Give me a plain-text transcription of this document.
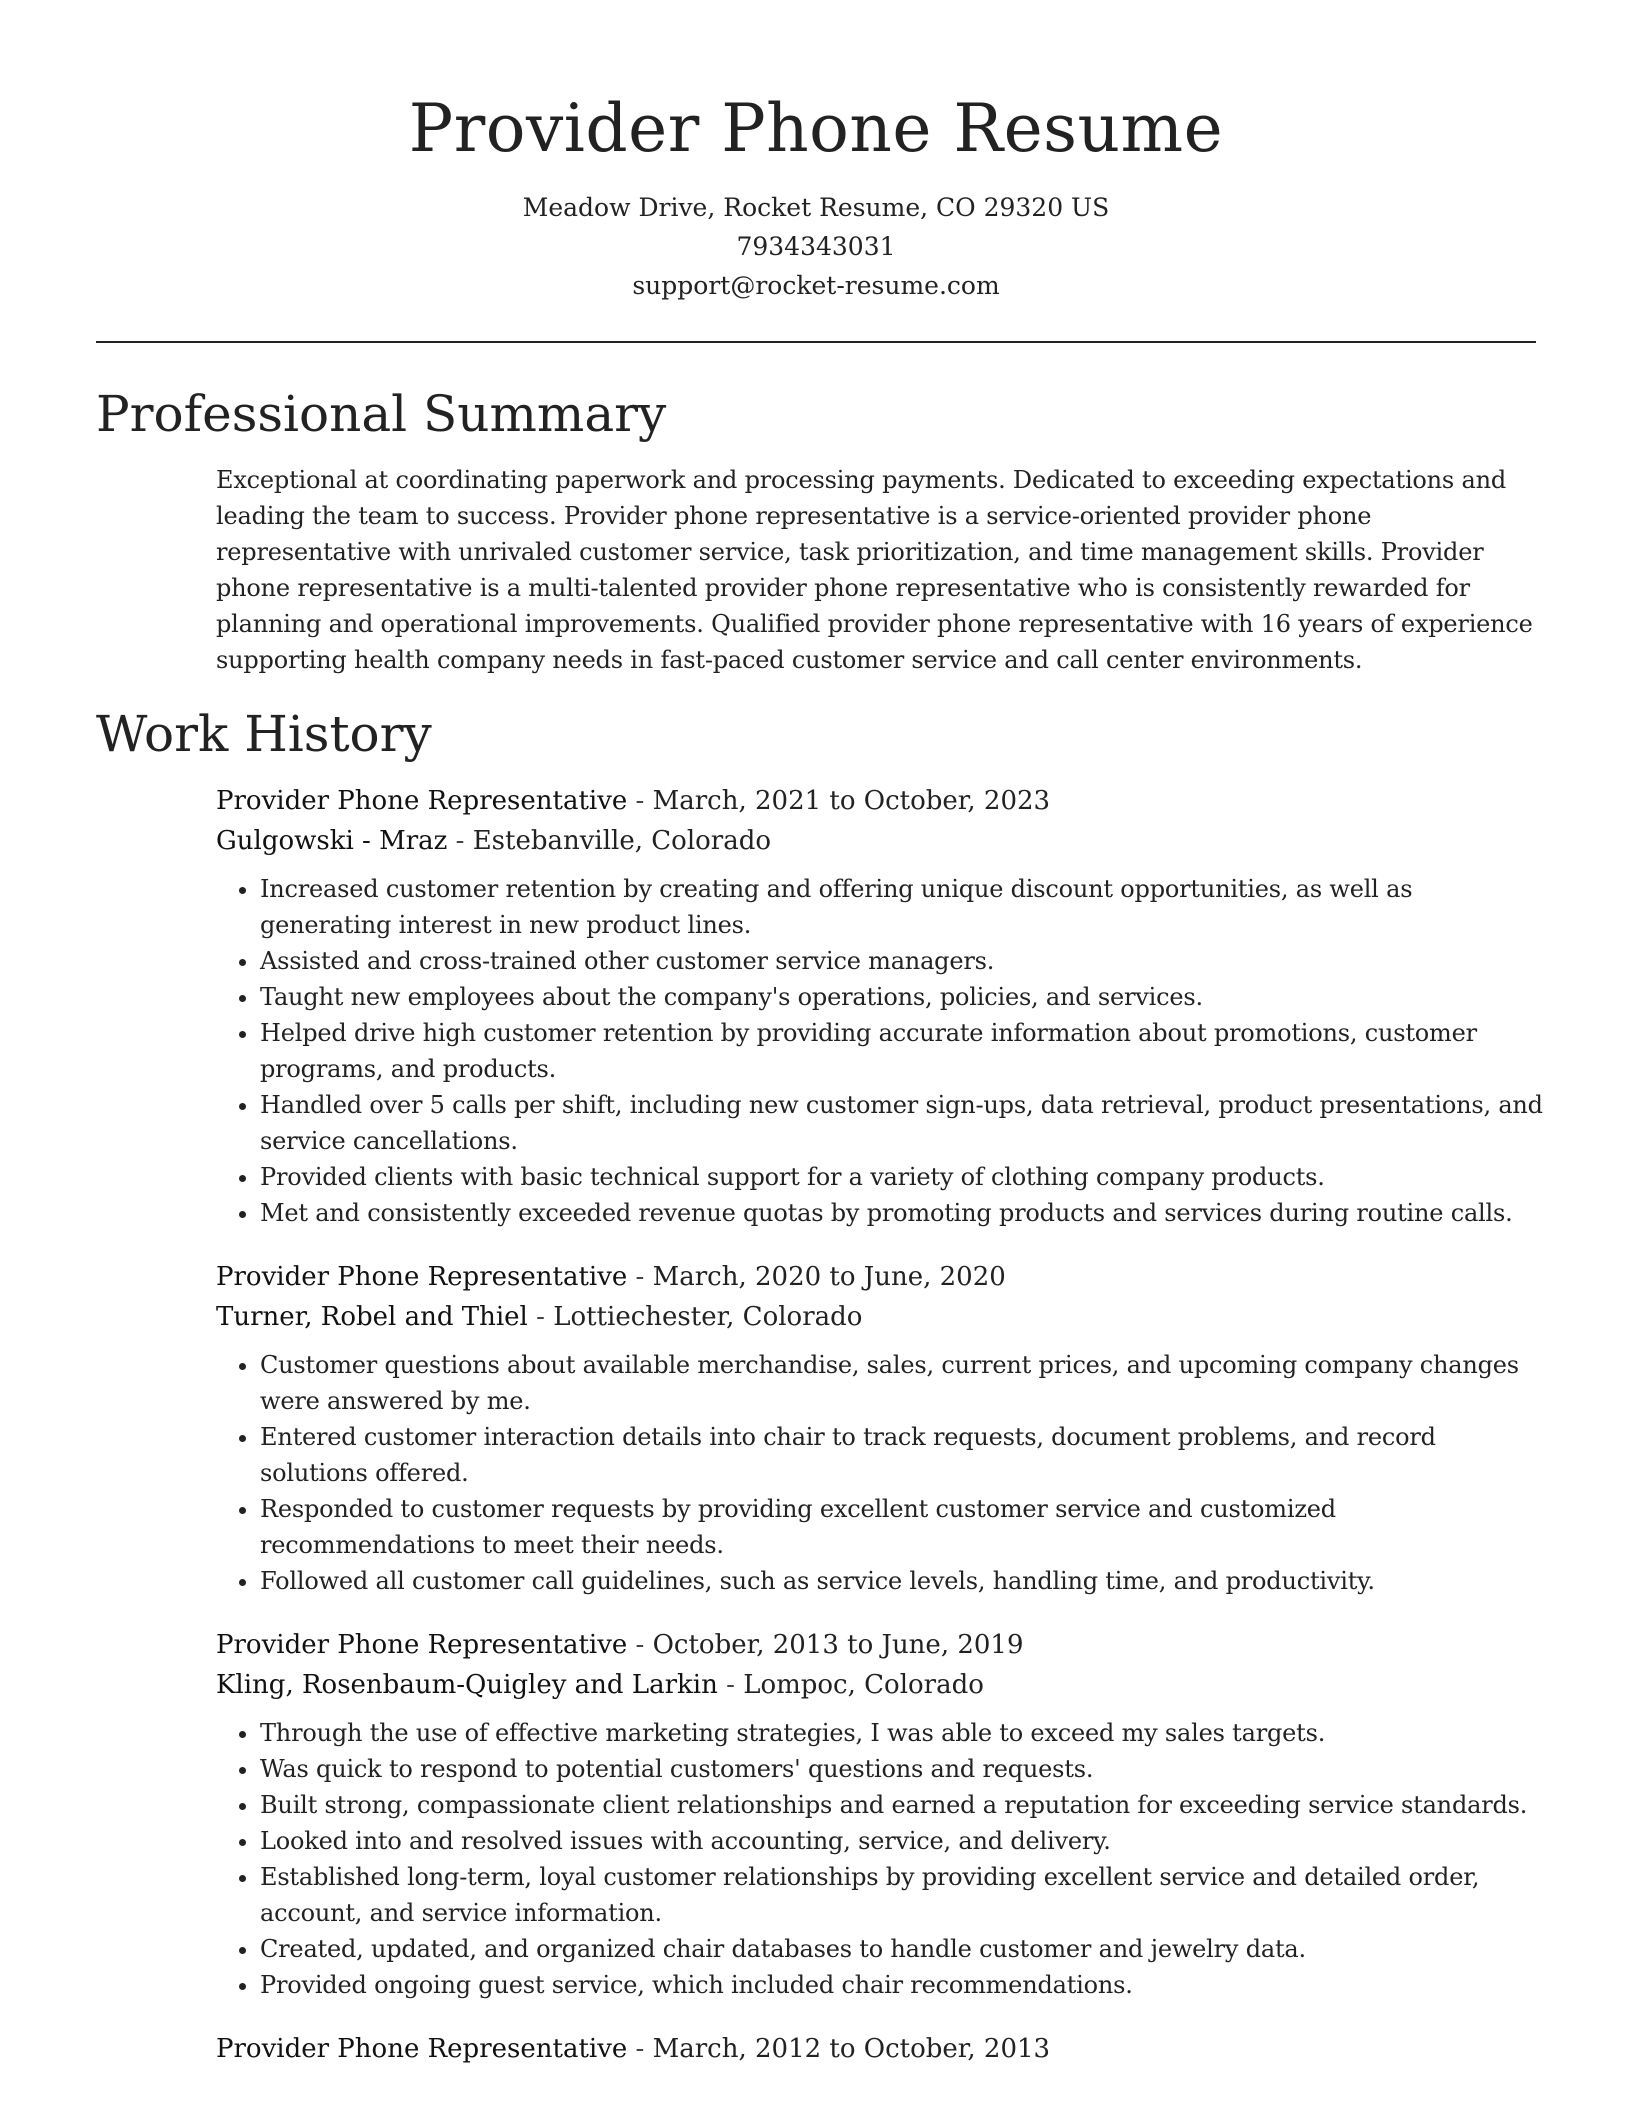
Provider Phone Resume
Meadow Drive, Rocket Resume, CO 29320 US
7934343031
support@rocket-resume.com
Professional Summary

Exceptional at coordinating paperwork and processing payments. Dedicated to exceeding expectations and leading the team to success. Provider phone representative is a service-oriented provider phone representative with unrivaled customer service, task prioritization, and time management skills. Provider phone representative is a multi-talented provider phone representative who is consistently rewarded for planning and operational improvements. Qualified provider phone representative with 16 years of experience supporting health company needs in fast-paced customer service and call center environments.

Work History
Provider Phone Representative - March, 2021 to October, 2023
Gulgowski - Mraz - Estebanville, Colorado
• Increased customer retention by creating and offering unique discount opportunities, as well as generating interest in new product lines.
• Assisted and cross-trained other customer service managers.
• Taught new employees about the company's operations, policies, and services.
• Helped drive high customer retention by providing accurate information about promotions, customer programs, and products.
• Handled over 5 calls per shift, including new customer sign-ups, data retrieval, product presentations, and service cancellations.
• Provided clients with basic technical support for a variety of clothing company products.
• Met and consistently exceeded revenue quotas by promoting products and services during routine calls.
Provider Phone Representative - March, 2020 to June, 2020
Turner, Robel and Thiel - Lottiechester, Colorado
• Customer questions about available merchandise, sales, current prices, and upcoming company changes were answered by me.
• Entered customer interaction details into chair to track requests, document problems, and record solutions offered.
• Responded to customer requests by providing excellent customer service and customized recommendations to meet their needs.
• Followed all customer call guidelines, such as service levels, handling time, and productivity.
Provider Phone Representative - October, 2013 to June, 2019
Kling, Rosenbaum-Quigley and Larkin - Lompoc, Colorado
• Through the use of effective marketing strategies, I was able to exceed my sales targets.
• Was quick to respond to potential customers' questions and requests.
• Built strong, compassionate client relationships and earned a reputation for exceeding service standards.
• Looked into and resolved issues with accounting, service, and delivery.
• Established long-term, loyal customer relationships by providing excellent service and detailed order, account, and service information.
• Created, updated, and organized chair databases to handle customer and jewelry data.
• Provided ongoing guest service, which included chair recommendations.
Provider Phone Representative - March, 2012 to October, 2013
